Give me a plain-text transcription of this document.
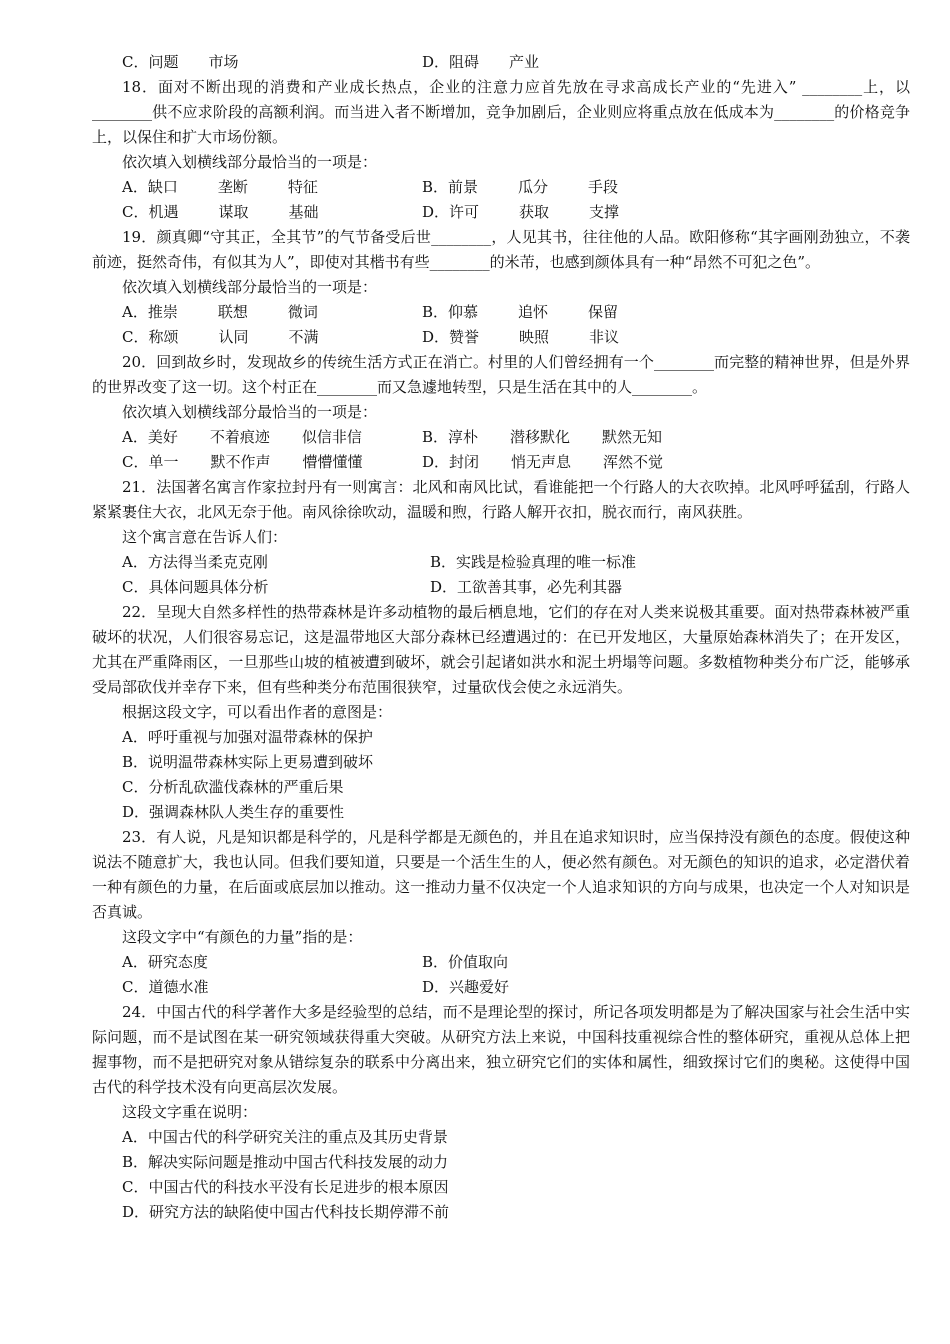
C．问题　　市场	D．阻碍　　产业

18．面对不断出现的消费和产业成长热点，企业的注意力应首先放在寻求高成长产业的“先进入” ________上，以________供不应求阶段的高额利润。而当进入者不断增加，竞争加剧后，企业则应将重点放在低成本为________的价格竞争上，以保住和扩大市场份额。

依次填入划横线部分最恰当的一项是：
A．缺口	垄断	特征	B．前景	瓜分	手段
C．机遇	谋取	基础	D．许可	获取	支撑

19．颜真卿“守其正，全其节”的气节备受后世________，人见其书，往往他的人品。欧阳修称“其字画刚劲独立，不袭前迹，挺然奇伟，有似其为人”，即使对其楷书有些________的米芾，也感到颜体具有一种“昂然不可犯之色”。

依次填入划横线部分最恰当的一项是：
A．推崇	联想	微词	B．仰慕	追怀	保留
C．称颂	认同	不满	D．赞誉	映照	非议

20．回到故乡时，发现故乡的传统生活方式正在消亡。村里的人们曾经拥有一个________而完整的精神世界，但是外界的世界改变了这一切。这个村正在________而又急遽地转型，只是生活在其中的人________。

依次填入划横线部分最恰当的一项是：
A．美好 不着痕迹 似信非信	B．淳朴 潜移默化 默然无知
C．单一 默不作声 懵懵懂懂	D．封闭 悄无声息 浑然不觉

21．法国著名寓言作家拉封丹有一则寓言：北风和南风比试，看谁能把一个行路人的大衣吹掉。北风呼呼猛刮，行路人紧紧裹住大衣，北风无奈于他。南风徐徐吹动，温暖和煦，行路人解开衣扣，脱衣而行，南风获胜。

这个寓言意在告诉人们：
A．方法得当柔克克刚	B．实践是检验真理的唯一标准
C．具体问题具体分析	D．工欲善其事，必先利其器

22．呈现大自然多样性的热带森林是许多动植物的最后栖息地，它们的存在对人类来说极其重要。面对热带森林被严重破坏的状况，人们很容易忘记，这是温带地区大部分森林已经遭遇过的：在已开发地区，大量原始森林消失了；在开发区，尤其在严重降雨区，一旦那些山坡的植被遭到破坏，就会引起诸如洪水和泥土坍塌等问题。多数植物种类分布广泛，能够承受局部砍伐并幸存下来，但有些种类分布范围很狭窄，过量砍伐会使之永远消失。

根据这段文字，可以看出作者的意图是：
A．呼吁重视与加强对温带森林的保护
B．说明温带森林实际上更易遭到破坏
C．分析乱砍滥伐森林的严重后果
D．强调森林队人类生存的重要性

23．有人说，凡是知识都是科学的，凡是科学都是无颜色的，并且在追求知识时，应当保持没有颜色的态度。假使这种说法不随意扩大，我也认同。但我们要知道，只要是一个活生生的人，便必然有颜色。对无颜色的知识的追求，必定潜伏着一种有颜色的力量，在后面或底层加以推动。这一推动力量不仅决定一个人追求知识的方向与成果，也决定一个人对知识是否真诚。

这段文字中“有颜色的力量”指的是：
A．研究态度	B．价值取向
C．道德水准	D．兴趣爱好

24．中国古代的科学著作大多是经验型的总结，而不是理论型的探讨，所记各项发明都是为了解决国家与社会生活中实际问题，而不是试图在某一研究领域获得重大突破。从研究方法上来说，中国科技重视综合性的整体研究，重视从总体上把握事物，而不是把研究对象从错综复杂的联系中分离出来，独立研究它们的实体和属性，细致探讨它们的奥秘。这使得中国古代的科学技术没有向更高层次发展。

这段文字重在说明：
A．中国古代的科学研究关注的重点及其历史背景
B．解决实际问题是推动中国古代科技发展的动力
C．中国古代的科技水平没有长足进步的根本原因
D．研究方法的缺陷使中国古代科技长期停滞不前
